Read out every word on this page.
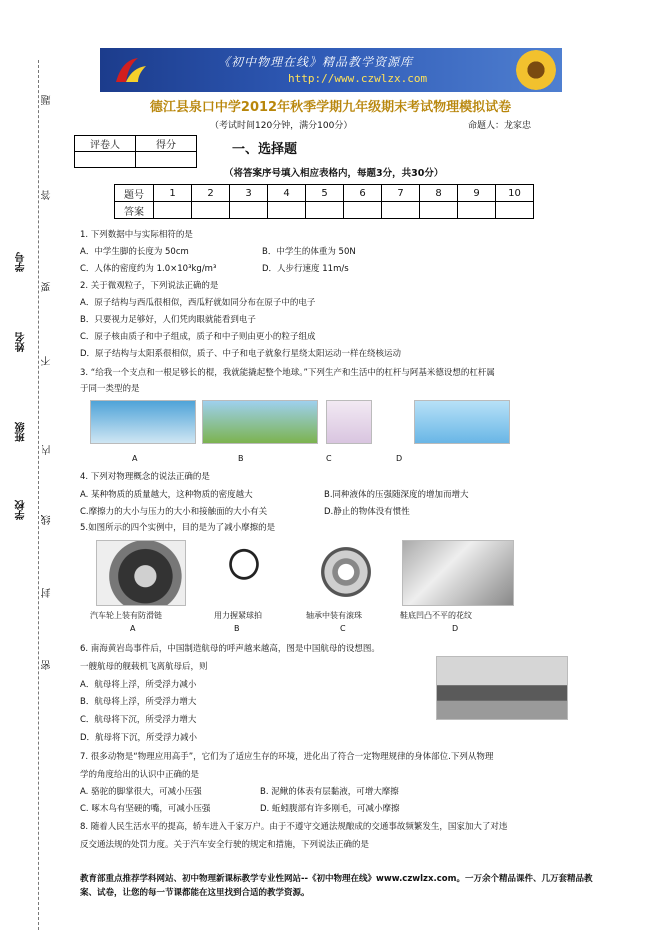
《初中物理在线》精品教学资源库
http://www.czwlzx.com
题
答
学号
要
姓名
不
班级
内
学校 线
封
密
德江县泉口中学2012年秋季学期九年级期末考试物理模拟试卷
（考试时间120分钟，满分100分）	命题人：龙家忠
评卷人	得分
		一、选择题
（将答案序号填入相应表格内，每题3分，共30分）
题号	1	2	3	4	5	6	7	8	9	10
答案										
1. 下列数据中与实际相符的是
A．中学生脚的长度为 50cm	B．中学生的体重为 50N
C．人体的密度约为 1.0×10³kg/m³	D．人步行速度 11m/s
2. 关于微观粒子，下列说法正确的是
A．原子结构与西瓜很相似，西瓜籽就如同分布在原子中的电子
B．只要视力足够好，人们凭肉眼就能看到电子
C．原子核由质子和中子组成，质子和中子则由更小的粒子组成
D．原子结构与太阳系很相似，质子、中子和电子就象行星绕太阳运动一样在绕核运动
3. “给我一个支点和一根足够长的棍，我就能撬起整个地球。”下列生产和生活中的杠杆与阿基米德设想的杠杆属
于同一类型的是
A	B	C	D
4. 下列对物理概念的说法正确的是
A. 某种物质的质量越大，这种物质的密度越大	B.同种液体的压强随深度的增加而增大
C.摩擦力的大小与压力的大小和接触面的大小有关	D.静止的物体没有惯性
5.如图所示的四个实例中，目的是为了减小摩擦的是
汽车轮上装有防滑链	用力握紧球拍	轴承中装有滚珠	鞋底凹凸不平的花纹
A	B	C	D
6. 南海黄岩岛事件后，中国制造航母的呼声越来越高，图是中国航母的设想图。
一艘航母的舰载机飞离航母后，则
A．航母将上浮，所受浮力减小
B．航母将上浮，所受浮力增大
C．航母将下沉，所受浮力增大
D．航母将下沉，所受浮力减小
7. 很多动物是“物理应用高手”，它们为了适应生存的环境，进化出了符合一定物理规律的身体部位.下列从物理
学的角度给出的认识中正确的是
A. 骆驼的脚掌很大，可减小压强	B. 泥鳅的体表有层黏液，可增大摩擦
C. 啄木鸟有坚硬的嘴，可减小压强	D. 蚯蚓腹部有许多刚毛，可减小摩擦
8. 随着人民生活水平的提高，轿车进入千家万户。由于不遵守交通法规酿成的交通事故频繁发生，国家加大了对违
反交通法规的处罚力度。关于汽车安全行驶的规定和措施，下列说法正确的是
教育部重点推荐学科网站、初中物理新课标教学专业性网站--《初中物理在线》www.czwlzx.com。一万余个精品课件、几万套精品教案、试卷，让您的每一节课都能在这里找到合适的教学资源。
